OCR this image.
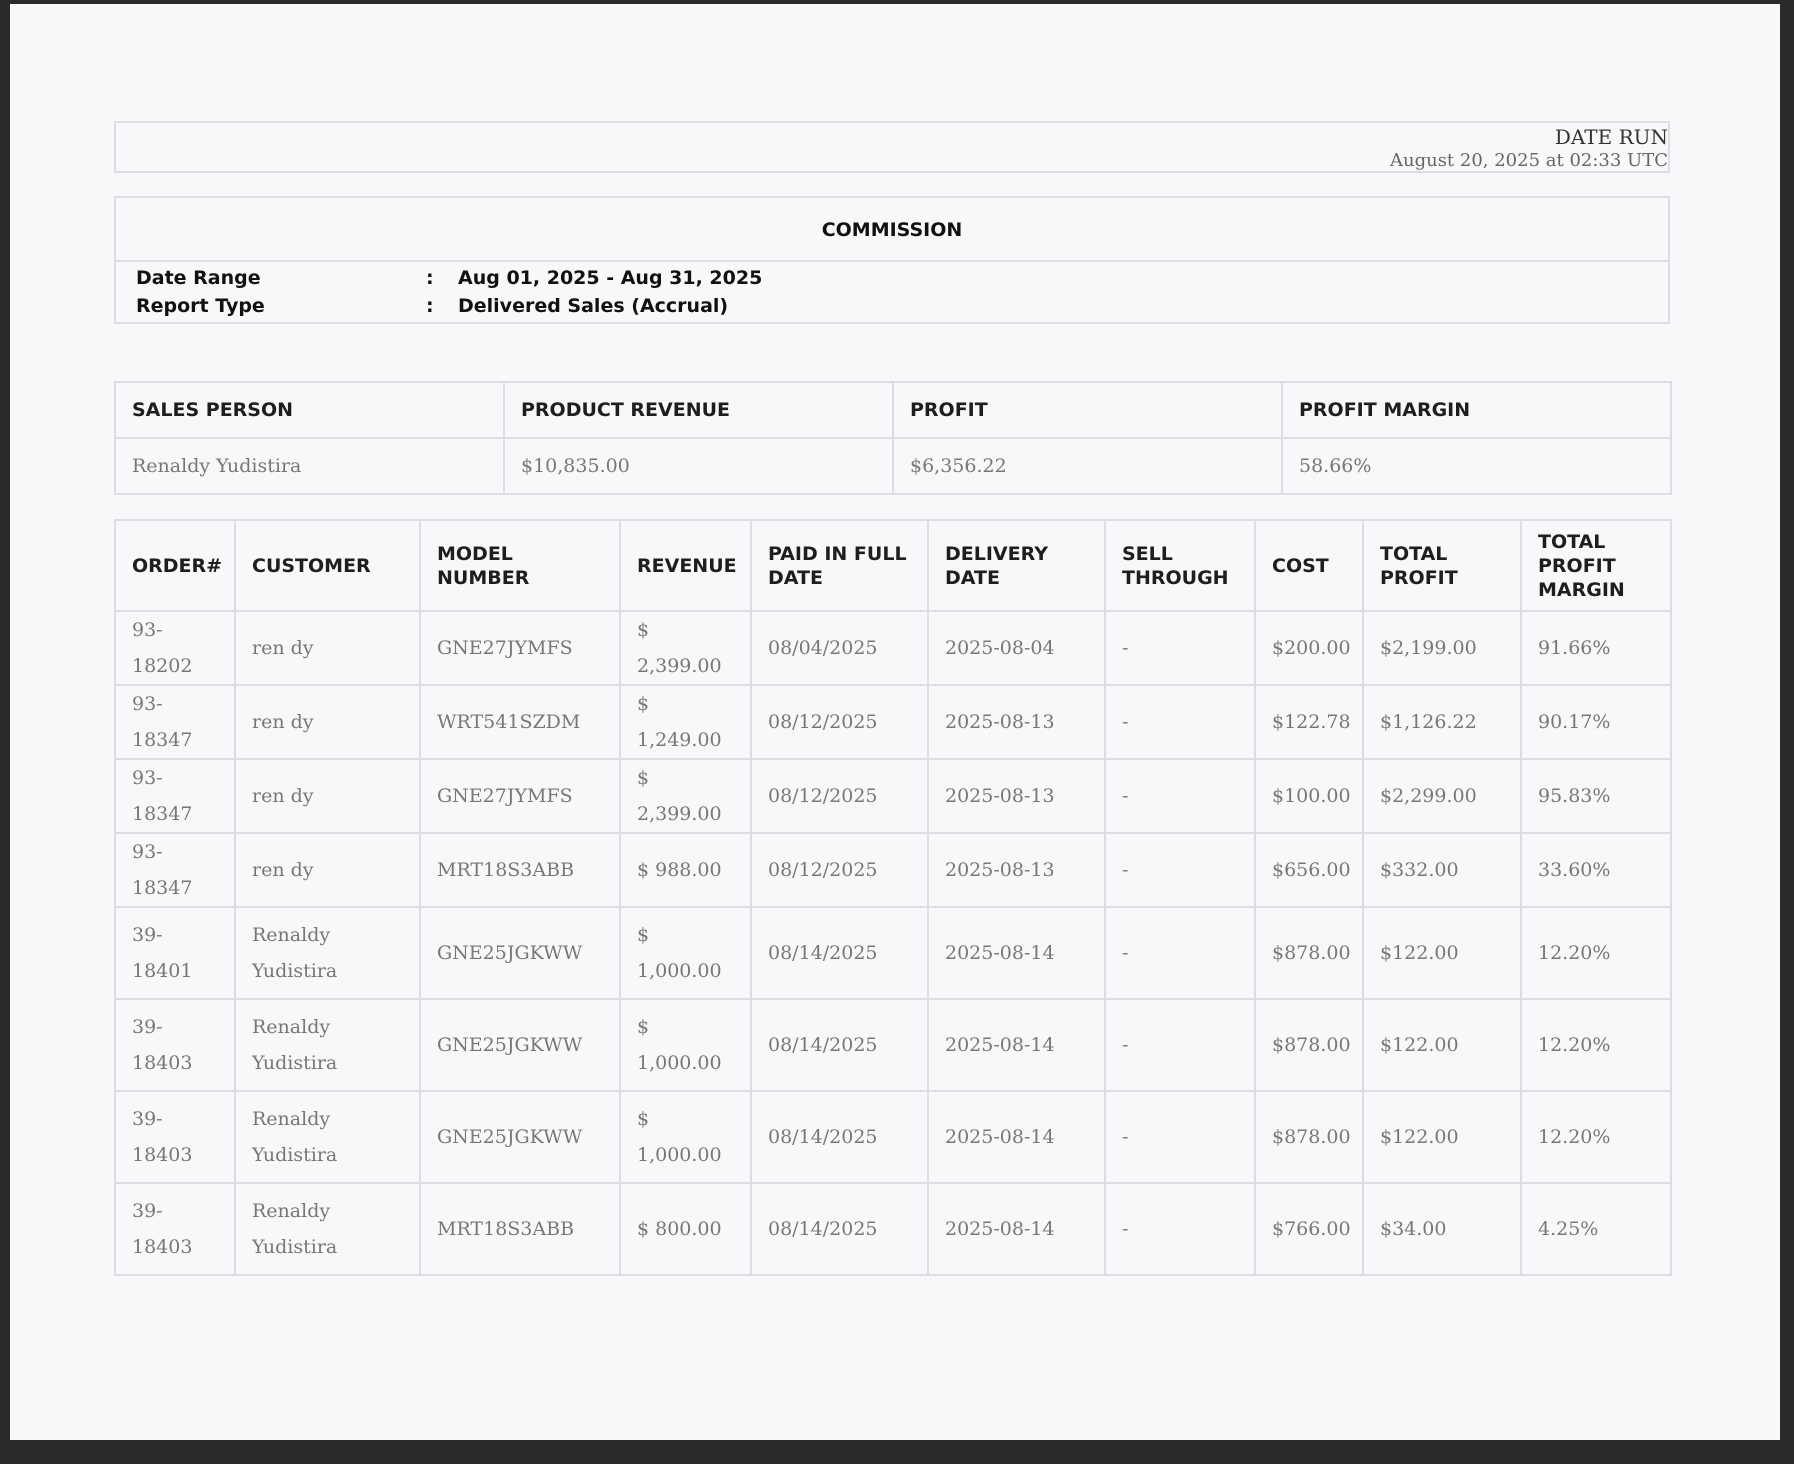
DATE RUN
August 20, 2025 at 02:33 UTC
COMMISSION
Date Range	: Aug 01, 2025 - Aug 31, 2025
Report Type	: Delivered Sales (Accrual)
SALES PERSON	PRODUCT REVENUE	PROFIT	PROFIT MARGIN
Renaldy Yudistira	$10,835.00	$6,356.22	58.66%
ORDER#	CUSTOMER	MODEL NUMBER	REVENUE	PAID IN FULL DATE	DELIVERY DATE	SELL THROUGH	COST	TOTAL PROFIT	TOTAL PROFIT MARGIN
93-18202	ren dy	GNE27JYMFS	$ 2,399.00	08/04/2025	2025-08-04	-	$200.00	$2,199.00	91.66%
93-18347	ren dy	WRT541SZDM	$ 1,249.00	08/12/2025	2025-08-13	-	$122.78	$1,126.22	90.17%
93-18347	ren dy	GNE27JYMFS	$ 2,399.00	08/12/2025	2025-08-13	-	$100.00	$2,299.00	95.83%
93-18347	ren dy	MRT18S3ABB	$ 988.00	08/12/2025	2025-08-13	-	$656.00	$332.00	33.60%
39-18401	Renaldy Yudistira	GNE25JGKWW	$ 1,000.00	08/14/2025	2025-08-14	-	$878.00	$122.00	12.20%
39-18403	Renaldy Yudistira	GNE25JGKWW	$ 1,000.00	08/14/2025	2025-08-14	-	$878.00	$122.00	12.20%
39-18403	Renaldy Yudistira	GNE25JGKWW	$ 1,000.00	08/14/2025	2025-08-14	-	$878.00	$122.00	12.20%
39-18403	Renaldy Yudistira	MRT18S3ABB	$ 800.00	08/14/2025	2025-08-14	-	$766.00	$34.00	4.25%
